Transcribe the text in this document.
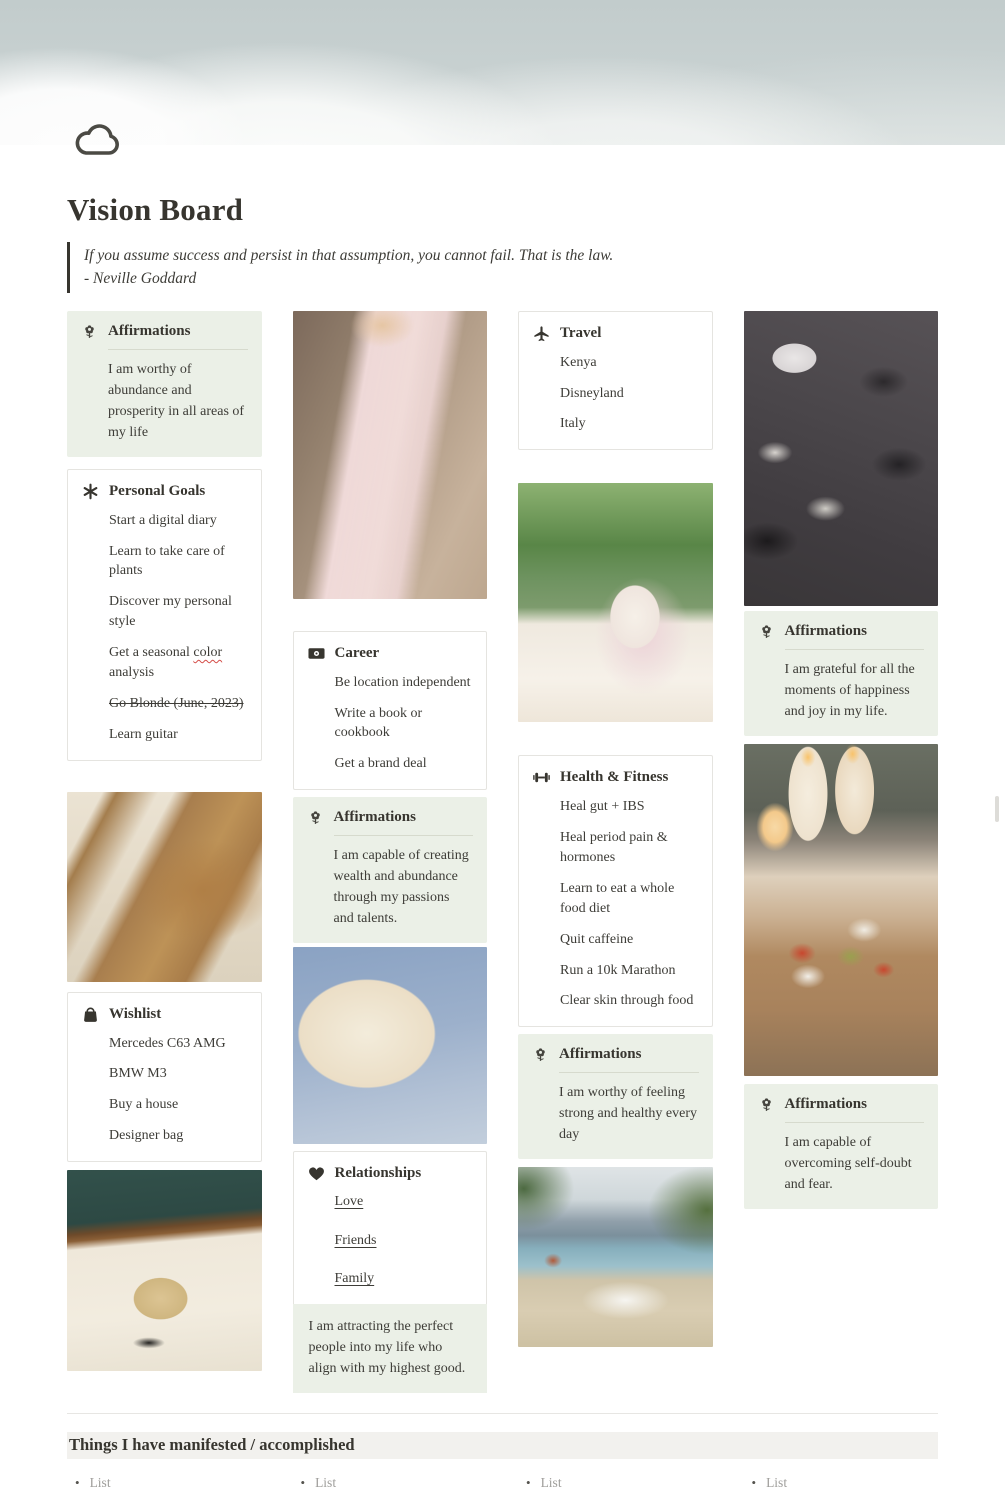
Vision Board
If you assume success and persist in that assumption, you cannot fail. That is the law.
- Neville Goddard
Affirmations
I am worthy of abundance and prosperity in all areas of my life
Personal Goals
Start a digital diary
Learn to take care of plants
Discover my personal style
Get a seasonal color analysis
Go Blonde (June, 2023)
Learn guitar
Wishlist
Mercedes C63 AMG
BMW M3
Buy a house
Designer bag
Career
Be location independent
Write a book or cookbook
Get a brand deal
Affirmations
I am capable of creating wealth and abundance through my passions and talents.
Relationships
Love
Friends
Family
I am attracting the perfect people into my life who align with my highest good.
Travel
Kenya
Disneyland
Italy
Health & Fitness
Heal gut + IBS
Heal period pain & hormones
Learn to eat a whole food diet
Quit caffeine
Run a 10k Marathon
Clear skin through food
Affirmations
I am worthy of feeling strong and healthy every day
Affirmations
I am grateful for all the moments of happiness and joy in my life.
Affirmations
I am capable of overcoming self-doubt and fear.
Things I have manifested / accomplished
• List	• List	• List	• List
